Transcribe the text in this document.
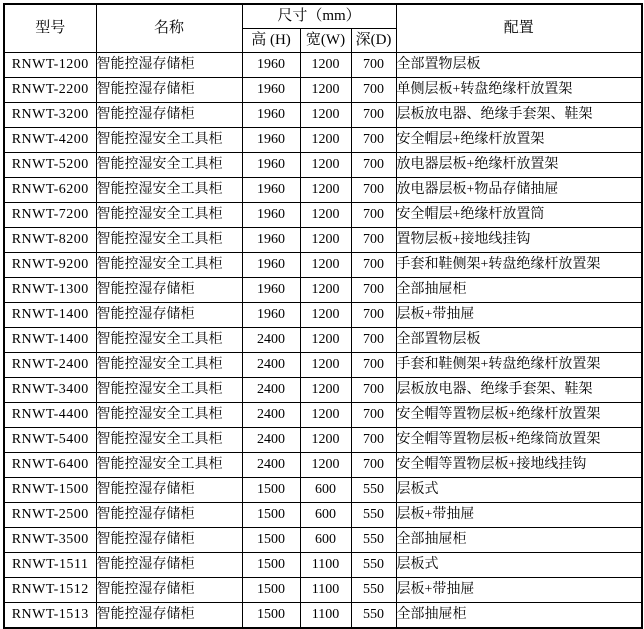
型号	名称	尺寸（mm）			配置
		高 (H)	宽(W)	深(D)	
RNWT-1200	智能控湿存储柜	1960	1200	700	全部置物层板
RNWT-2200	智能控湿存储柜	1960	1200	700	单侧层板+转盘绝缘杆放置架
RNWT-3200	智能控湿存储柜	1960	1200	700	层板放电器、绝缘手套架、鞋架
RNWT-4200	智能控湿安全工具柜	1960	1200	700	安全帽层+绝缘杆放置架
RNWT-5200	智能控湿安全工具柜	1960	1200	700	放电器层板+绝缘杆放置架
RNWT-6200	智能控湿安全工具柜	1960	1200	700	放电器层板+物品存储抽屉
RNWT-7200	智能控湿安全工具柜	1960	1200	700	安全帽层+绝缘杆放置筒
RNWT-8200	智能控湿安全工具柜	1960	1200	700	置物层板+接地线挂钩
RNWT-9200	智能控湿安全工具柜	1960	1200	700	手套和鞋侧架+转盘绝缘杆放置架
RNWT-1300	智能控湿存储柜	1960	1200	700	全部抽屉柜
RNWT-1400	智能控湿存储柜	1960	1200	700	层板+带抽屉
RNWT-1400	智能控湿安全工具柜	2400	1200	700	全部置物层板
RNWT-2400	智能控湿安全工具柜	2400	1200	700	手套和鞋侧架+转盘绝缘杆放置架
RNWT-3400	智能控湿安全工具柜	2400	1200	700	层板放电器、绝缘手套架、鞋架
RNWT-4400	智能控湿安全工具柜	2400	1200	700	安全帽等置物层板+绝缘杆放置架
RNWT-5400	智能控湿安全工具柜	2400	1200	700	安全帽等置物层板+绝缘筒放置架
RNWT-6400	智能控湿安全工具柜	2400	1200	700	安全帽等置物层板+接地线挂钩
RNWT-1500	智能控湿存储柜	1500	600	550	层板式
RNWT-2500	智能控湿存储柜	1500	600	550	层板+带抽屉
RNWT-3500	智能控湿存储柜	1500	600	550	全部抽屉柜
RNWT-1511	智能控湿存储柜	1500	1100	550	层板式
RNWT-1512	智能控湿存储柜	1500	1100	550	层板+带抽屉
RNWT-1513	智能控湿存储柜	1500	1100	550	全部抽屉柜
